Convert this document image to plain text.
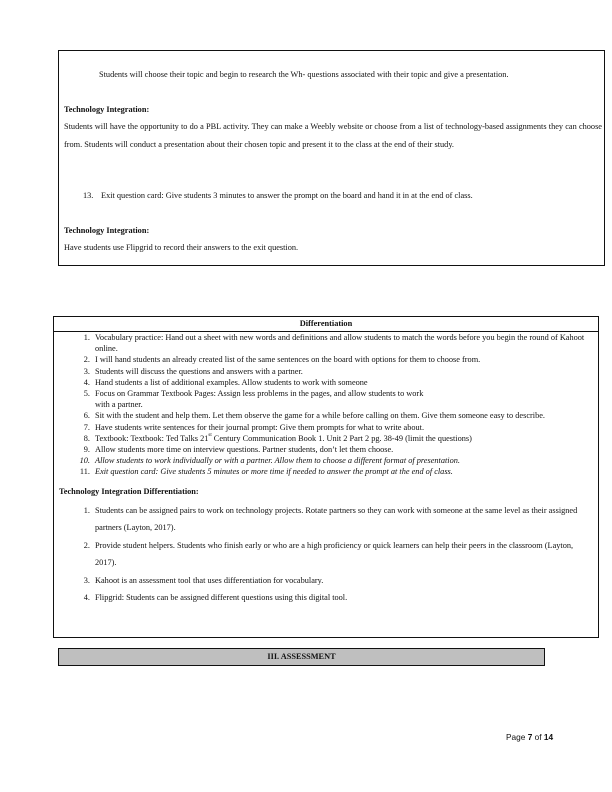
Students will choose their topic and begin to research the Wh- questions associated with their topic and give a presentation.
Technology Integration:
Students will have the opportunity to do a PBL activity. They can make a Weebly website or choose from a list of technology-based assignments they can choose from. Students will conduct a presentation about their chosen topic and present it to the class at the end of their study.
13. Exit question card: Give students 3 minutes to answer the prompt on the board and hand it in at the end of class.
Technology Integration:
Have students use Flipgrid to record their answers to the exit question.
Differentiation
1. Vocabulary practice: Hand out a sheet with new words and definitions and allow students to match the words before you begin the round of Kahoot online.
2. I will hand students an already created list of the same sentences on the board with options for them to choose from.
3. Students will discuss the questions and answers with a partner.
4. Hand students a list of additional examples. Allow students to work with someone
5. Focus on Grammar Textbook Pages: Assign less problems in the pages, and allow students to work
with a partner.
6. Sit with the student and help them. Let them observe the game for a while before calling on them. Give them someone easy to describe.
7. Have students write sentences for their journal prompt: Give them prompts for what to write about.
8. Textbook: Textbook: Ted Talks 21st Century Communication Book 1. Unit 2 Part 2 pg. 38-49 (limit the questions)
9. Allow students more time on interview questions. Partner students, don’t let them choose.
10. Allow students to work individually or with a partner. Allow them to choose a different format of presentation.
11. Exit question card: Give students 5 minutes or more time if needed to answer the prompt at the end of class.
Technology Integration Differentiation:
1. Students can be assigned pairs to work on technology projects. Rotate partners so they can work with someone at the same level as their assigned partners (Layton, 2017).
2. Provide student helpers. Students who finish early or who are a high proficiency or quick learners can help their peers in the classroom (Layton, 2017).
3. Kahoot is an assessment tool that uses differentiation for vocabulary.
4. Flipgrid: Students can be assigned different questions using this digital tool.
III. ASSESSMENT
Page 7 of 14
